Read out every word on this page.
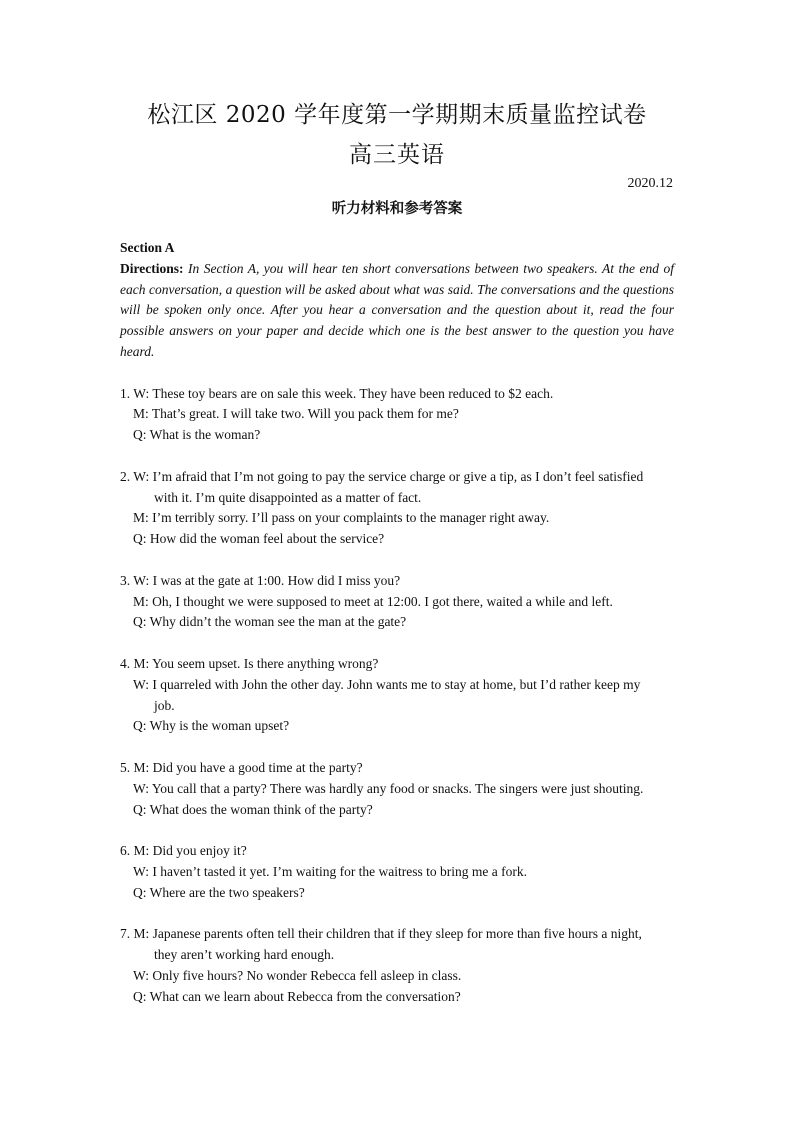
松江区 2020 学年度第一学期期末质量监控试卷
高三英语
2020.12
听力材料和参考答案
Section A
Directions: In Section A, you will hear ten short conversations between two speakers. At the end of each conversation, a question will be asked about what was said. The conversations and the questions will be spoken only once. After you hear a conversation and the question about it, read the four possible answers on your paper and decide which one is the best answer to the question you have heard.
1. W: These toy bears are on sale this week. They have been reduced to $2 each.
M: That’s great. I will take two. Will you pack them for me?
Q: What is the woman?
2. W: I’m afraid that I’m not going to pay the service charge or give a tip, as I don’t feel satisfied
with it. I’m quite disappointed as a matter of fact.
M: I’m terribly sorry. I’ll pass on your complaints to the manager right away.
Q: How did the woman feel about the service?
3. W: I was at the gate at 1:00. How did I miss you?
M: Oh, I thought we were supposed to meet at 12:00. I got there, waited a while and left.
Q: Why didn’t the woman see the man at the gate?
4. M: You seem upset. Is there anything wrong?
W: I quarreled with John the other day. John wants me to stay at home, but I’d rather keep my
job.
Q: Why is the woman upset?
5. M: Did you have a good time at the party?
W: You call that a party? There was hardly any food or snacks. The singers were just shouting.
Q: What does the woman think of the party?
6. M: Did you enjoy it?
W: I haven’t tasted it yet. I’m waiting for the waitress to bring me a fork.
Q: Where are the two speakers?
7. M: Japanese parents often tell their children that if they sleep for more than five hours a night,
they aren’t working hard enough.
W: Only five hours? No wonder Rebecca fell asleep in class.
Q: What can we learn about Rebecca from the conversation?
